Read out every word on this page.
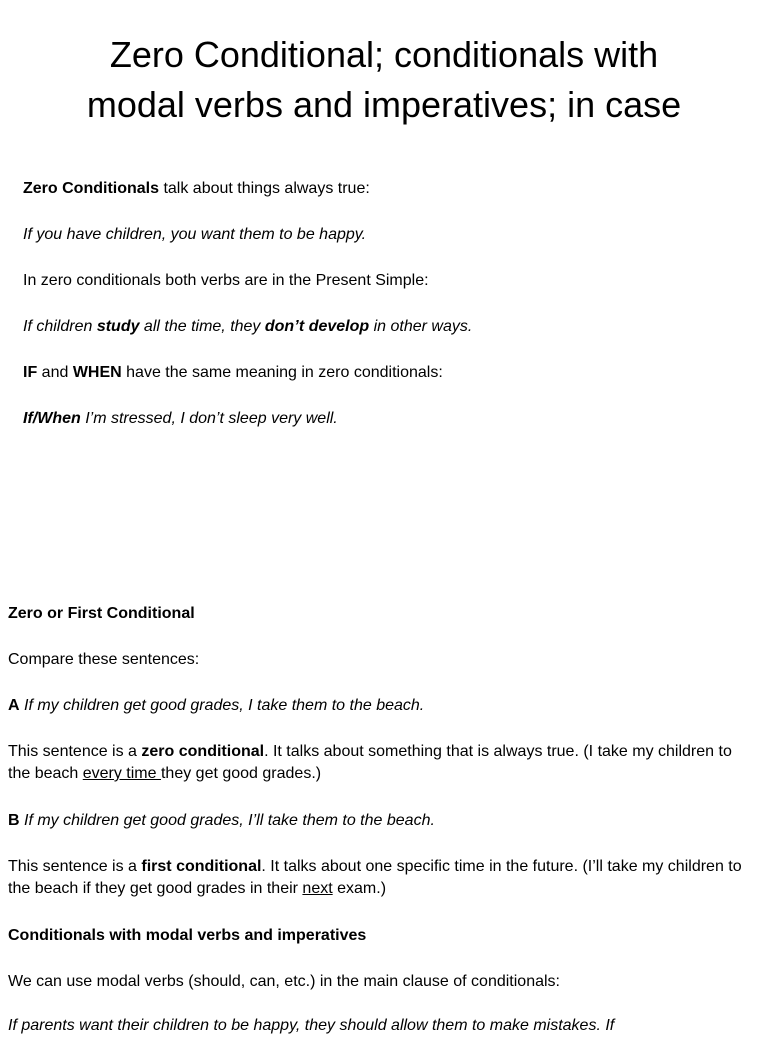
Zero Conditional; conditionals with
modal verbs and imperatives; in case
Zero Conditionals talk about things always true:
If you have children, you want them to be happy.
In zero conditionals both verbs are in the Present Simple:
If children study all the time, they don’t develop in other ways.
IF and WHEN have the same meaning in zero conditionals:
If/When I’m stressed, I don’t sleep very well.
Zero or First Conditional
Compare these sentences:
A If my children get good grades, I take them to the beach.
This sentence is a zero conditional. It talks about something that is always true. (I take my children to the beach every time they get good grades.)
B If my children get good grades, I’ll take them to the beach.
This sentence is a first conditional. It talks about one specific time in the future. (I’ll take my children to the beach if they get good grades in their next exam.)
Conditionals with modal verbs and imperatives
We can use modal verbs (should, can, etc.) in the main clause of conditionals:
If parents want their children to be happy, they should allow them to make mistakes. If
